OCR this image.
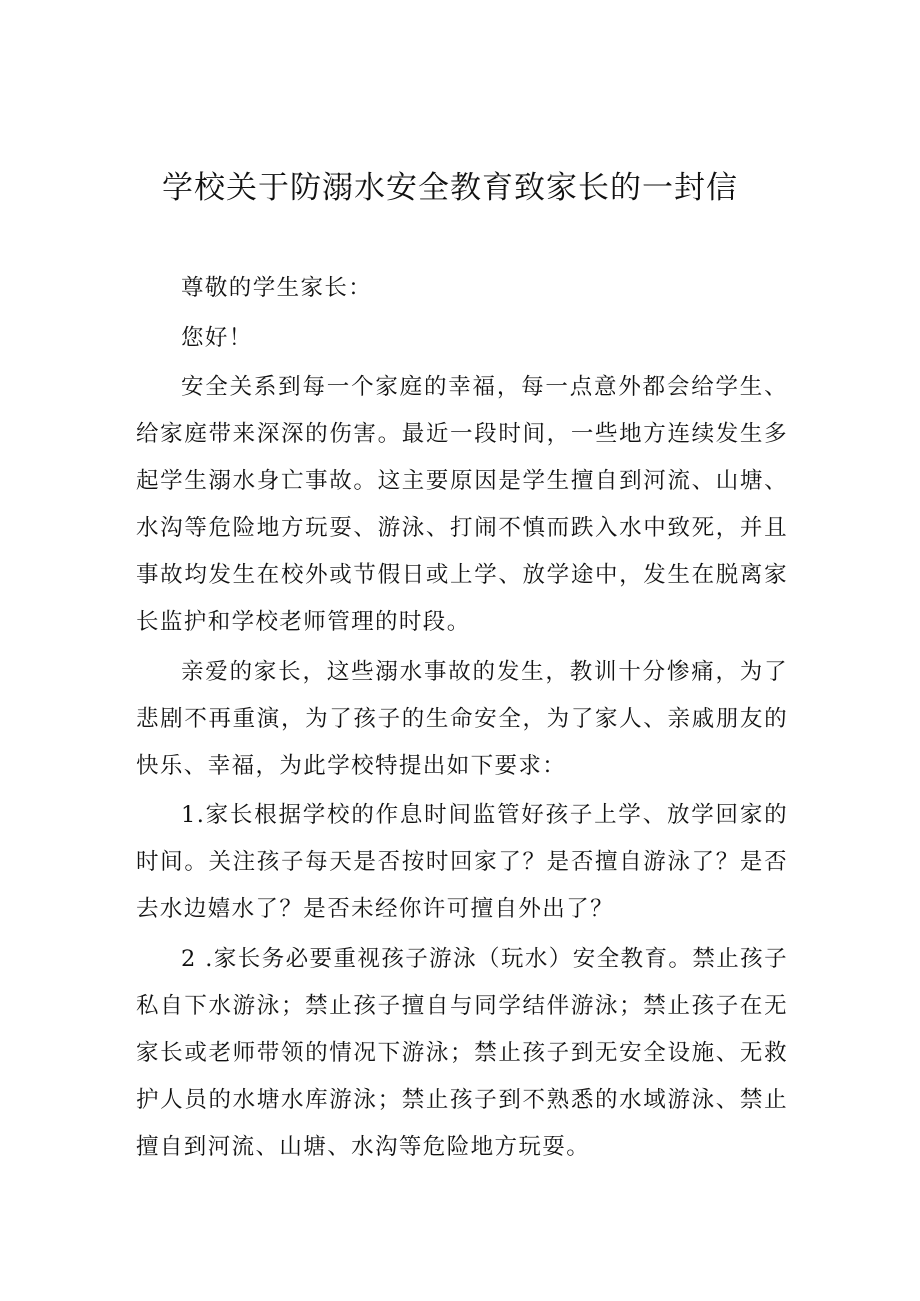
学校关于防溺水安全教育致家长的一封信

尊敬的学生家长：

您好！

安全关系到每一个家庭的幸福，每一点意外都会给学生、给家庭带来深深的伤害。最近一段时间，一些地方连续发生多起学生溺水身亡事故。这主要原因是学生擅自到河流、山塘、水沟等危险地方玩耍、游泳、打闹不慎而跌入水中致死，并且事故均发生在校外或节假日或上学、放学途中，发生在脱离家长监护和学校老师管理的时段。

亲爱的家长，这些溺水事故的发生，教训十分惨痛，为了悲剧不再重演，为了孩子的生命安全，为了家人、亲戚朋友的快乐、幸福，为此学校特提出如下要求：

1.家长根据学校的作息时间监管好孩子上学、放学回家的时间。关注孩子每天是否按时回家了？是否擅自游泳了？是否去水边嬉水了？是否未经你许可擅自外出了？

2 .家长务必要重视孩子游泳（玩水）安全教育。禁止孩子私自下水游泳；禁止孩子擅自与同学结伴游泳；禁止孩子在无家长或老师带领的情况下游泳；禁止孩子到无安全设施、无救护人员的水塘水库游泳；禁止孩子到不熟悉的水域游泳、禁止擅自到河流、山塘、水沟等危险地方玩耍。
